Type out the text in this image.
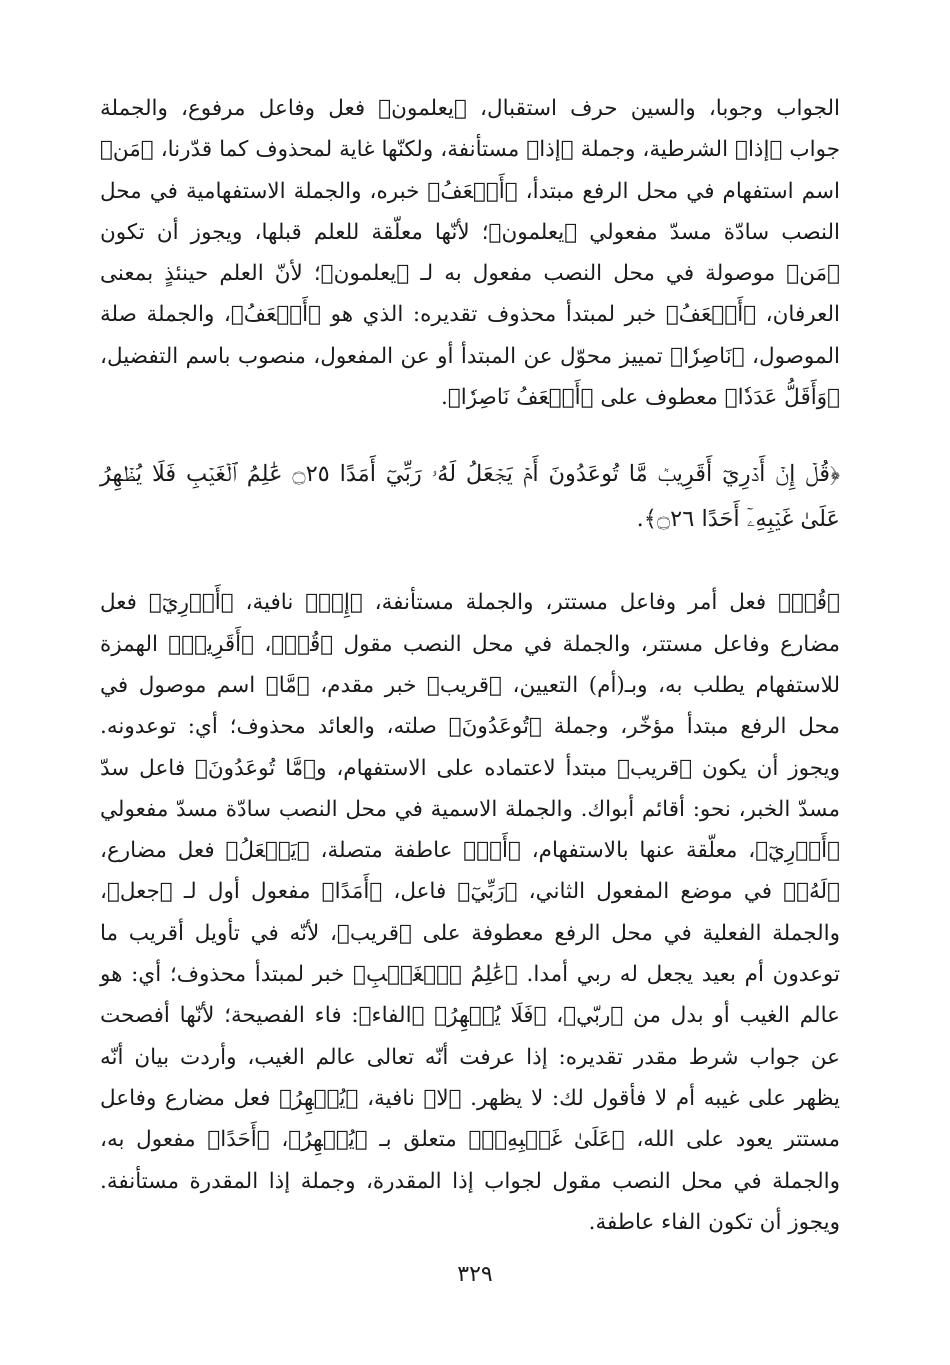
الجواب وجوبا، والسين حرف استقبال، ﴿يعلمون﴾ فعل وفاعل مرفوع، والجملة جواب ﴿إذا﴾ الشرطية، وجملة ﴿إذا﴾ مستأنفة، ولكنّها غاية لمحذوف كما قدّرنا، ﴿مَن﴾ اسم استفهام في محل الرفع مبتدأ، ﴿أَضۡعَفُ﴾ خبره، والجملة الاستفهامية في محل النصب سادّة مسدّ مفعولي ﴿يعلمون﴾؛ لأنّها معلّقة للعلم قبلها، ويجوز أن تكون ﴿مَن﴾ موصولة في محل النصب مفعول به لـ ﴿يعلمون﴾؛ لأنّ العلم حينئذٍ بمعنى العرفان، ﴿أَضۡعَفُ﴾ خبر لمبتدأ محذوف تقديره: الذي هو ﴿أَضۡعَفُ﴾، والجملة صلة الموصول، ﴿نَاصِرٗا﴾ تمييز محوّل عن المبتدأ أو عن المفعول، منصوب باسم التفضيل، ﴿وَأَقَلُّ عَدَدٗا﴾ معطوف على ﴿أَضۡعَفُ نَاصِرٗا﴾.

﴿قُلۡ إِنۡ أَدۡرِيٓ أَقَرِيبٞ مَّا تُوعَدُونَ أَمۡ يَجۡعَلُ لَهُۥ رَبِّيٓ أَمَدًا ۝٢٥ عَٰلِمُ ٱلۡغَيۡبِ فَلَا يُظۡهِرُ عَلَىٰ غَيۡبِهِۦٓ أَحَدًا ۝٢٦﴾.

﴿قُلۡ﴾ فعل أمر وفاعل مستتر، والجملة مستأنفة، ﴿إِنۡ﴾ نافية، ﴿أَدۡرِيٓ﴾ فعل مضارع وفاعل مستتر، والجملة في محل النصب مقول ﴿قُلۡ﴾، ﴿أَقَرِيبٞ﴾ الهمزة للاستفهام يطلب به، وبـ(أم) التعيين، ﴿قريب﴾ خبر مقدم، ﴿مَّا﴾ اسم موصول في محل الرفع مبتدأ مؤخّر، وجملة ﴿تُوعَدُونَ﴾ صلته، والعائد محذوف؛ أي: توعدونه. ويجوز أن يكون ﴿قريب﴾ مبتدأ لاعتماده على الاستفهام، و﴿مَّا تُوعَدُونَ﴾ فاعل سدّ مسدّ الخبر، نحو: أقائم أبواك. والجملة الاسمية في محل النصب سادّة مسدّ مفعولي ﴿أَدۡرِيٓ﴾، معلّقة عنها بالاستفهام، ﴿أَمۡ﴾ عاطفة متصلة، ﴿يَجۡعَلُ﴾ فعل مضارع، ﴿لَهُۥ﴾ في موضع المفعول الثاني، ﴿رَبِّيٓ﴾ فاعل، ﴿أَمَدًا﴾ مفعول أول لـ ﴿جعل﴾، والجملة الفعلية في محل الرفع معطوفة على ﴿قريب﴾، لأنّه في تأويل أقريب ما توعدون أم بعيد يجعل له ربي أمدا. ﴿عَٰلِمُ ٱلۡغَيۡبِ﴾ خبر لمبتدأ محذوف؛ أي: هو عالم الغيب أو بدل من ﴿ربّي﴾، ﴿فَلَا يُظۡهِرُ﴾ ﴿الفاء﴾: فاء الفصيحة؛ لأنّها أفصحت عن جواب شرط مقدر تقديره: إذا عرفت أنّه تعالى عالم الغيب، وأردت بيان أنّه يظهر على غيبه أم لا فأقول لك: لا يظهر. ﴿لا﴾ نافية، ﴿يُظۡهِرُ﴾ فعل مضارع وفاعل مستتر يعود على الله، ﴿عَلَىٰ غَيۡبِهِۦٓ﴾ متعلق بـ ﴿يُظۡهِرُ﴾، ﴿أَحَدًا﴾ مفعول به، والجملة في محل النصب مقول لجواب إذا المقدرة، وجملة إذا المقدرة مستأنفة. ويجوز أن تكون الفاء عاطفة.

٣٢٩
